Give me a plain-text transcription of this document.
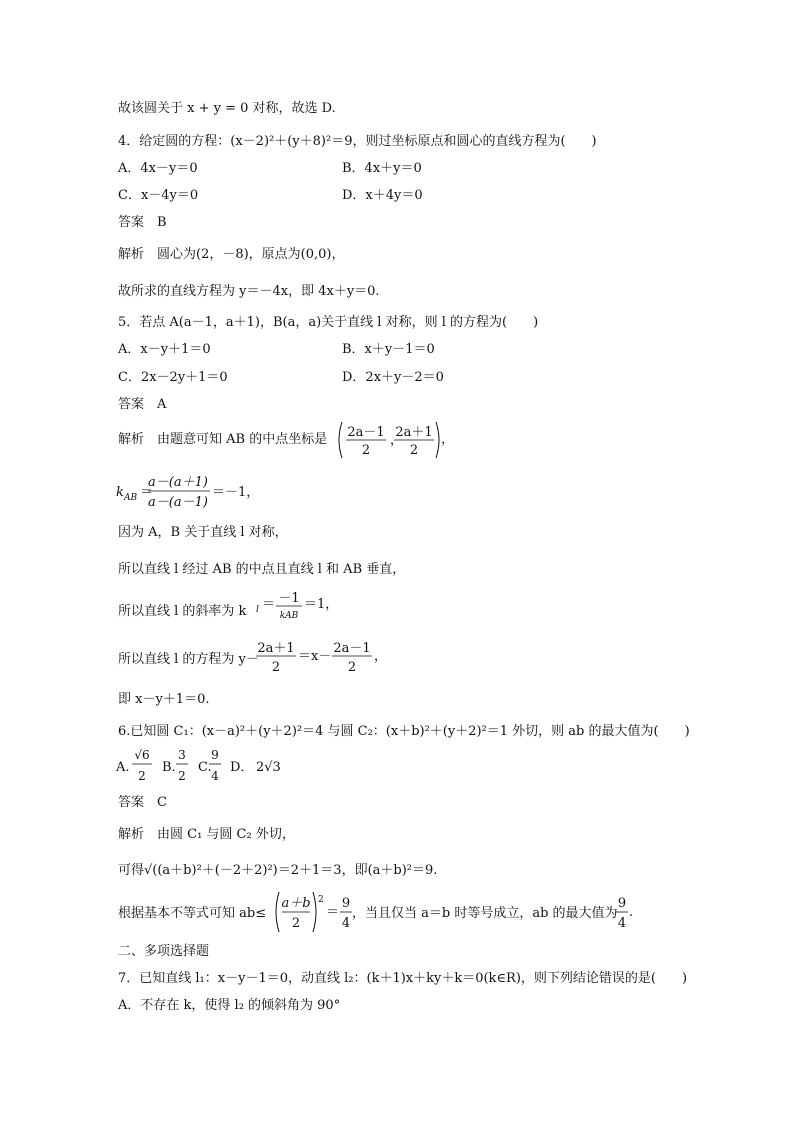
故该圆关于 x + y = 0 对称，故选 D.
4．给定圆的方程：(x－2)²＋(y＋8)²＝9，则过坐标原点和圆心的直线方程为(　　)
A．4x－y＝0	B．4x＋y＝0
C．x－4y＝0	D．x＋4y＝0
答案　B
解析　圆心为(2，－8)，原点为(0,0)，
故所求的直线方程为 y＝－4x，即 4x＋y＝0.
5．若点 A(a－1，a＋1)，B(a，a)关于直线 l 对称，则 l 的方程为(　　)
A．x－y＋1＝0	B．x＋y－1＝0
C．2x－2y＋1＝0	D．2x＋y－2＝0
答案　A
解析　由题意可知 AB 的中点坐标是 2a－1
2
，
2a＋1
2
，
k AB ＝
a－(a＋1)
a－(a－1)
＝－1，
因为 A，B 关于直线 l 对称，
所以直线 l 经过 AB 的中点且直线 l 和 AB 垂直，
所以直线 l 的斜率为 k l ＝ －1
kAB
＝1，
所以直线 l 的方程为 y－
2a＋1
2
＝x－
2a－1
2
，
即 x－y＋1＝0.
6.已知圆 C₁：(x－a)²＋(y＋2)²＝4 与圆 C₂：(x＋b)²＋(y＋2)²＝1 外切，则 ab 的最大值为(　　)
A.
√6
2
B.
3
2
C.
9
4
D． 2√3
答案　C
解析　由圆 C₁ 与圆 C₂ 外切，
可得√((a＋b)²＋(－2＋2)²)＝2＋1＝3，即(a＋b)²＝9.
根据基本不等式可知 ab≤
a＋b
2
2
＝
9
4
，当且仅当 a＝b 时等号成立，ab 的最大值为
9
4
.
二、多项选择题
7．已知直线 l₁：x－y－1＝0，动直线 l₂：(k＋1)x＋ky＋k＝0(k∈R)，则下列结论错误的是(　　)
A．不存在 k，使得 l₂ 的倾斜角为 90°
